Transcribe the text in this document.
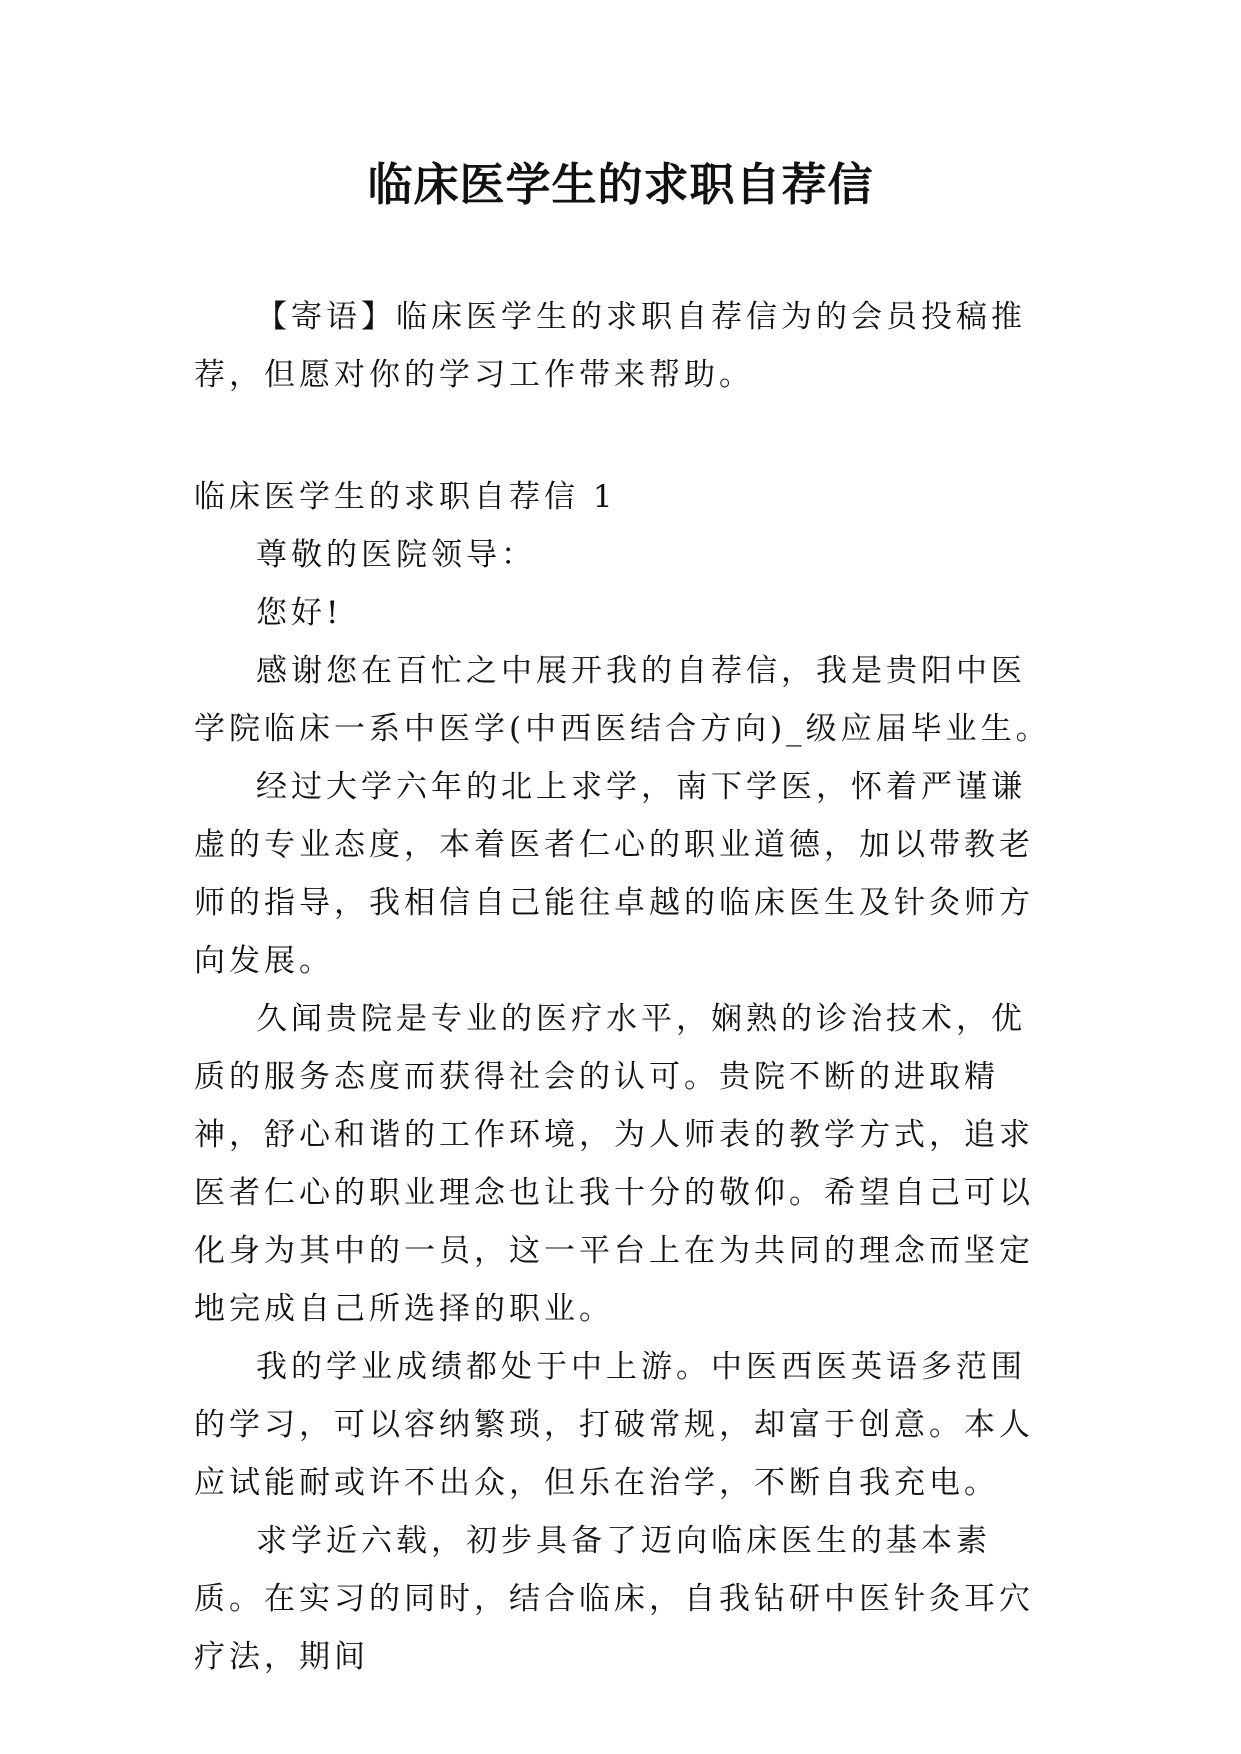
临床医学生的求职自荐信

【寄语】临床医学生的求职自荐信为的会员投稿推荐，但愿对你的学习工作带来帮助。

临床医学生的求职自荐信 1

尊敬的医院领导：

您好!

感谢您在百忙之中展开我的自荐信，我是贵阳中医学院临床一系中医学(中西医结合方向)_级应届毕业生。

经过大学六年的北上求学，南下学医，怀着严谨谦虚的专业态度，本着医者仁心的职业道德，加以带教老师的指导，我相信自己能往卓越的临床医生及针灸师方向发展。

久闻贵院是专业的医疗水平，娴熟的诊治技术，优质的服务态度而获得社会的认可。贵院不断的进取精神，舒心和谐的工作环境，为人师表的教学方式，追求医者仁心的职业理念也让我十分的敬仰。希望自己可以化身为其中的一员，这一平台上在为共同的理念而坚定地完成自己所选择的职业。

我的学业成绩都处于中上游。中医西医英语多范围的学习，可以容纳繁琐，打破常规，却富于创意。本人应试能耐或许不出众，但乐在治学，不断自我充电。

求学近六载，初步具备了迈向临床医生的基本素质。在实习的同时，结合临床，自我钻研中医针灸耳穴疗法，期间
